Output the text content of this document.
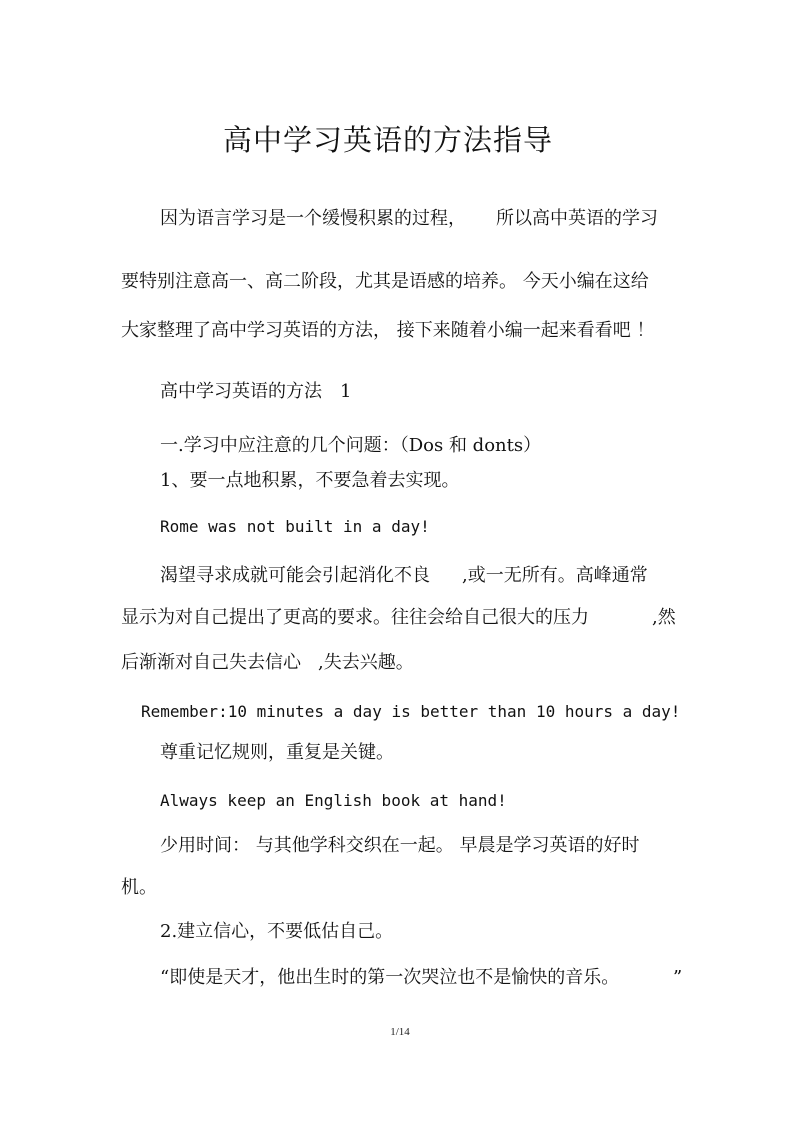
高中学习英语的方法指导
因为语言学习是一个缓慢积累的过程， 所以高中英语的学习
要特别注意高一、高二阶段，尤其是语感的培养。 今天小编在这给
大家整理了高中学习英语的方法， 接下来随着小编一起来看看吧 ！
高中学习英语的方法　1
一.学习中应注意的几个问题：（Dos 和 donts）
1、要一点地积累，不要急着去实现。
Rome was not built in a day!
渴望寻求成就可能会引起消化不良 ,或一无所有。高峰通常
显示为对自己提出了更高的要求。往往会给自己很大的压力	,然
后渐渐对自己失去信心 ,失去兴趣。
Remember:10 minutes a day is better than 10 hours a day!
尊重记忆规则，重复是关键。
Always keep an English book at hand!
少用时间： 与其他学科交织在一起。 早晨是学习英语的好时
机。
2.建立信心，不要低估自己。
“即使是天才，他出生时的第一次哭泣也不是愉快的音乐。	”
1/14
